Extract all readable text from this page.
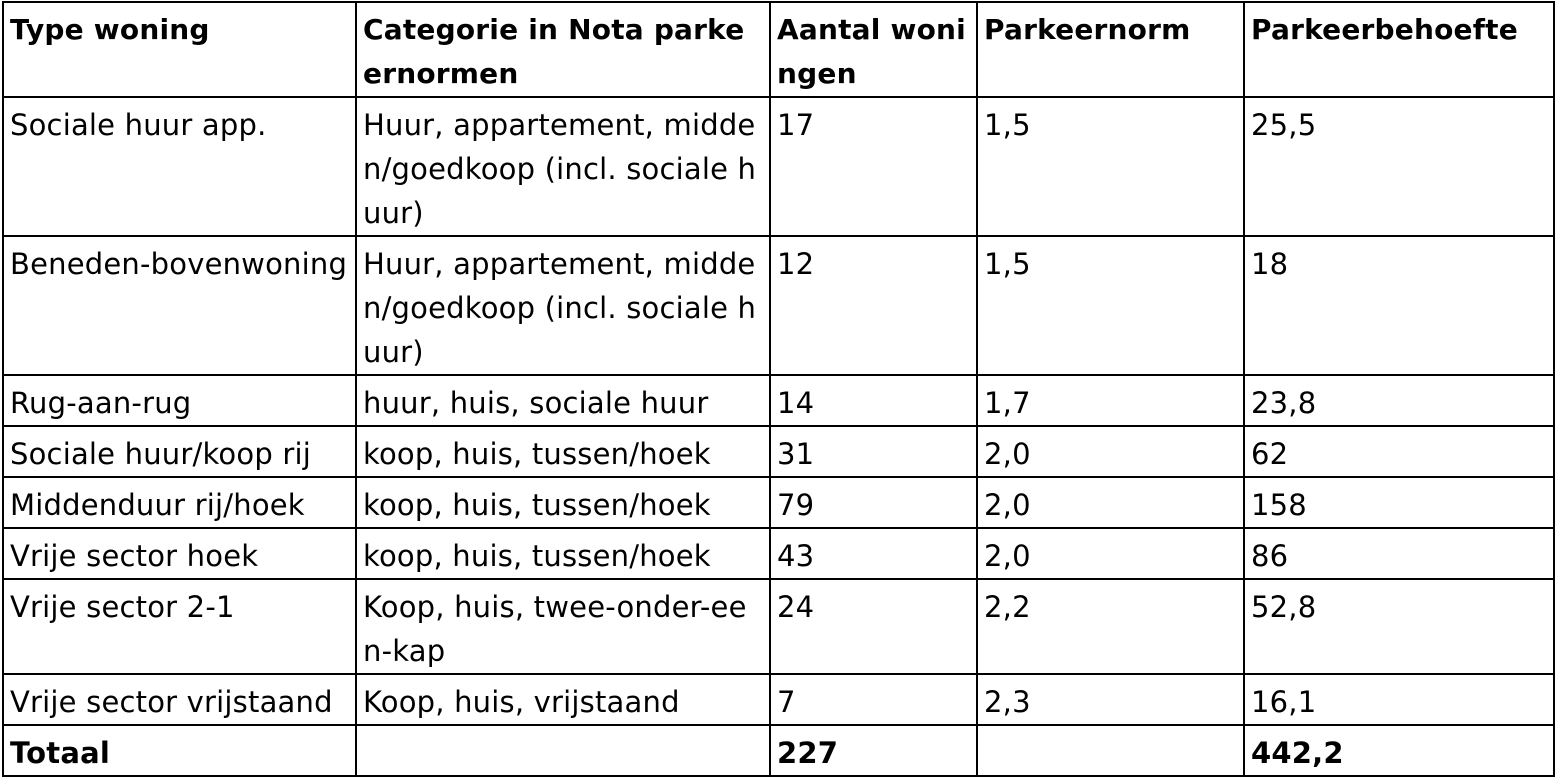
Type woning	Categorie in Nota parkeernormen	Aantal woningen	Parkeernorm	Parkeerbehoefte
Sociale huur app.	Huur, appartement, midden/goedkoop (incl. sociale huur)	17	1,5	25,5
Beneden-bovenwoning	Huur, appartement, midden/goedkoop (incl. sociale huur)	12	1,5	18
Rug-aan-rug	huur, huis, sociale huur	14	1,7	23,8
Sociale huur/koop rij	koop, huis, tussen/hoek	31	2,0	62
Middenduur rij/hoek	koop, huis, tussen/hoek	79	2,0	158
Vrije sector hoek	koop, huis, tussen/hoek	43	2,0	86
Vrije sector 2-1	Koop, huis, twee-onder-een-kap	24	2,2	52,8
Vrije sector vrijstaand	Koop, huis, vrijstaand	7	2,3	16,1
Totaal		227		442,2
